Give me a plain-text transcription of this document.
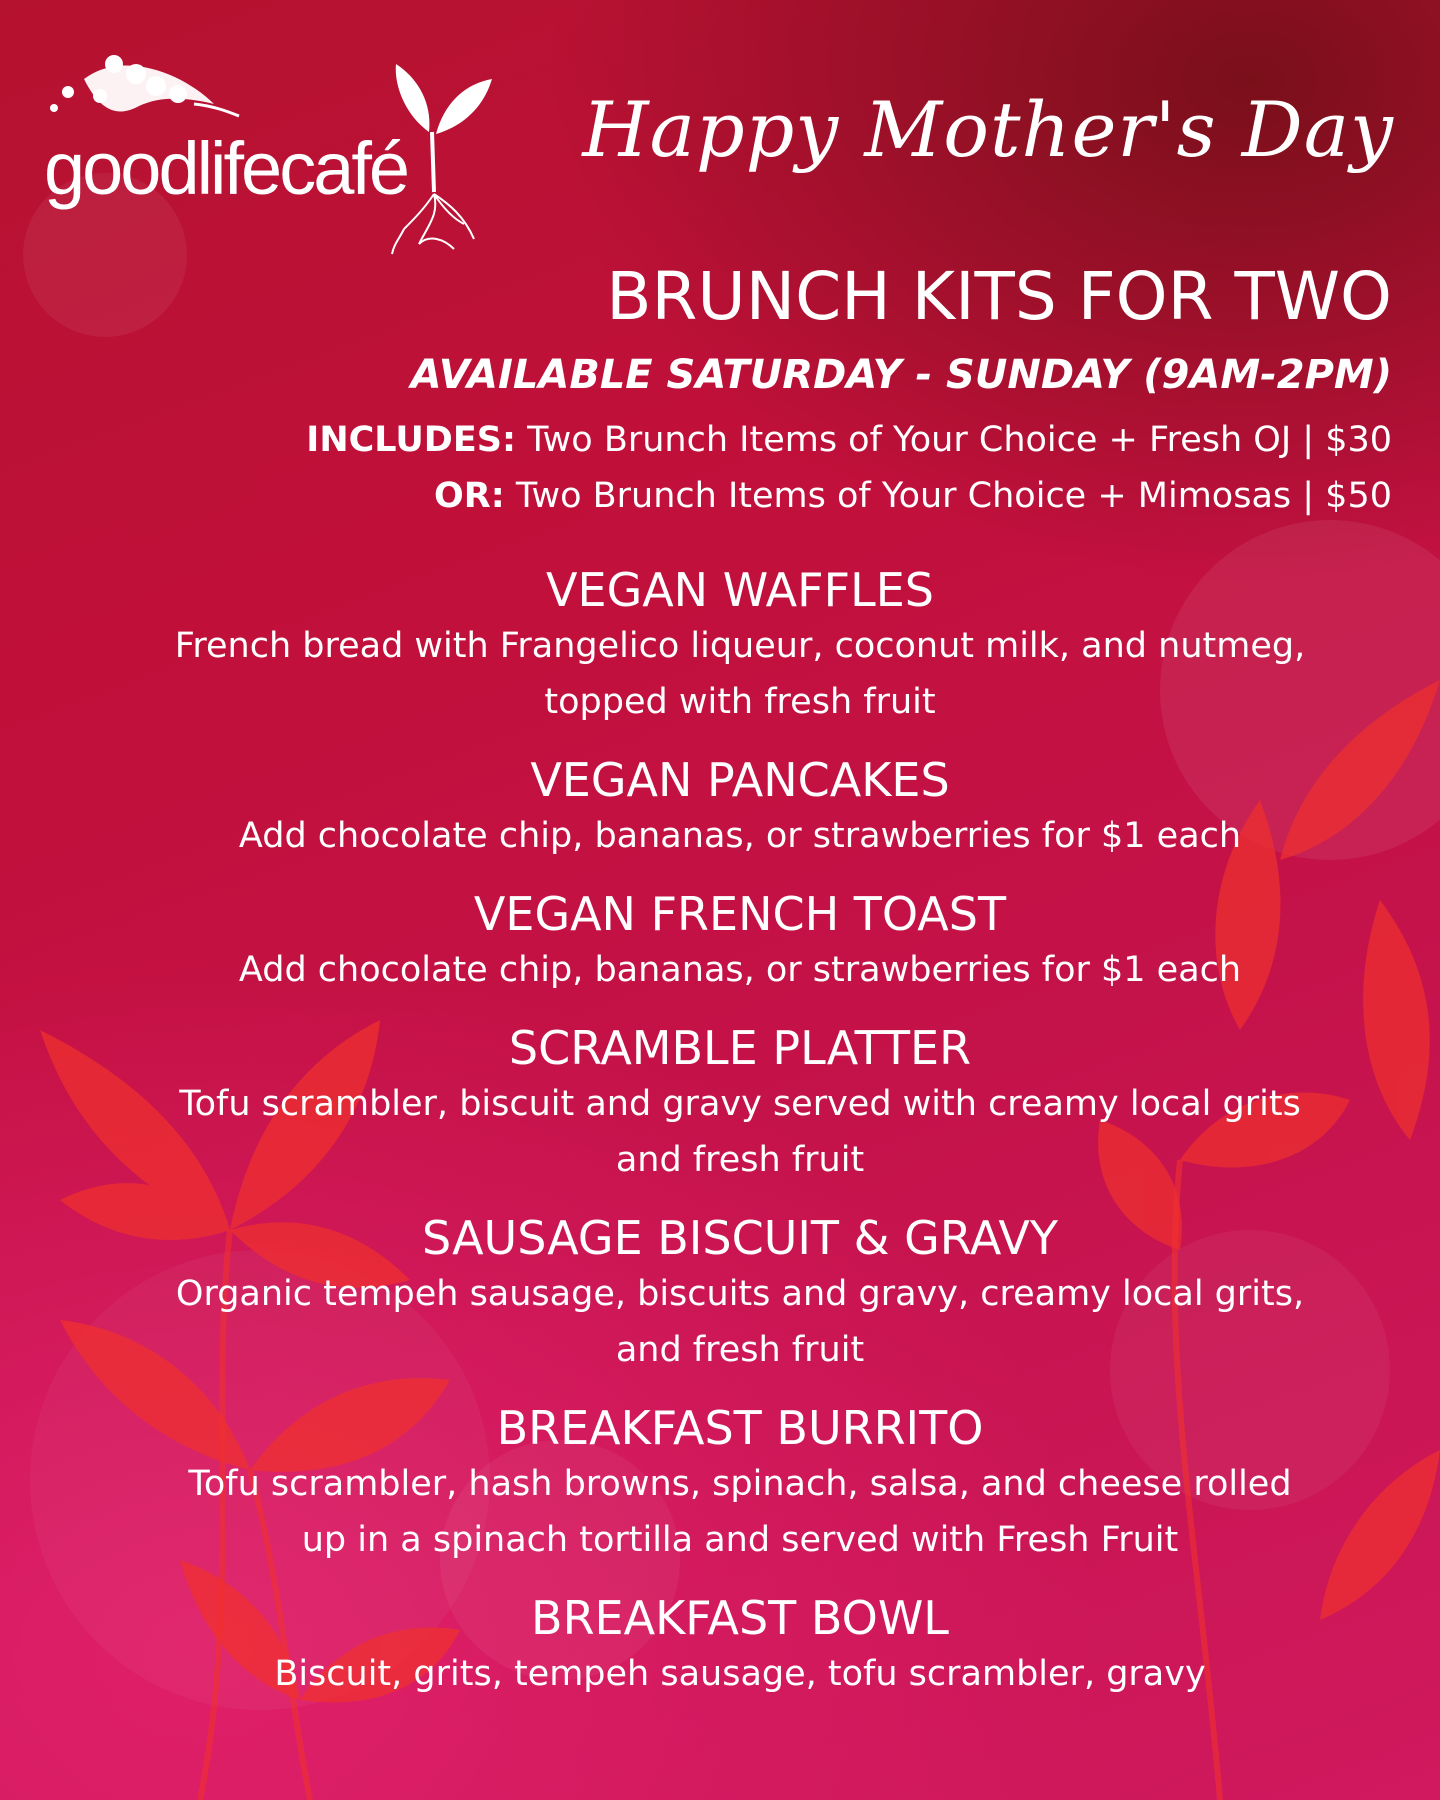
goodlifecafé Happy Mother's Day
BRUNCH KITS FOR TWO
AVAILABLE SATURDAY - SUNDAY (9AM-2PM)
INCLUDES: Two Brunch Items of Your Choice + Fresh OJ | $30
OR: Two Brunch Items of Your Choice + Mimosas | $50
VEGAN WAFFLES
French bread with Frangelico liqueur, coconut milk, and nutmeg,
topped with fresh fruit
VEGAN PANCAKES
Add chocolate chip, bananas, or strawberries for $1 each
VEGAN FRENCH TOAST
Add chocolate chip, bananas, or strawberries for $1 each
SCRAMBLE PLATTER
Tofu scrambler, biscuit and gravy served with creamy local grits
and fresh fruit
SAUSAGE BISCUIT & GRAVY
Organic tempeh sausage, biscuits and gravy, creamy local grits,
and fresh fruit
BREAKFAST BURRITO
Tofu scrambler, hash browns, spinach, salsa, and cheese rolled
up in a spinach tortilla and served with Fresh Fruit
BREAKFAST BOWL
Biscuit, grits, tempeh sausage, tofu scrambler, gravy
